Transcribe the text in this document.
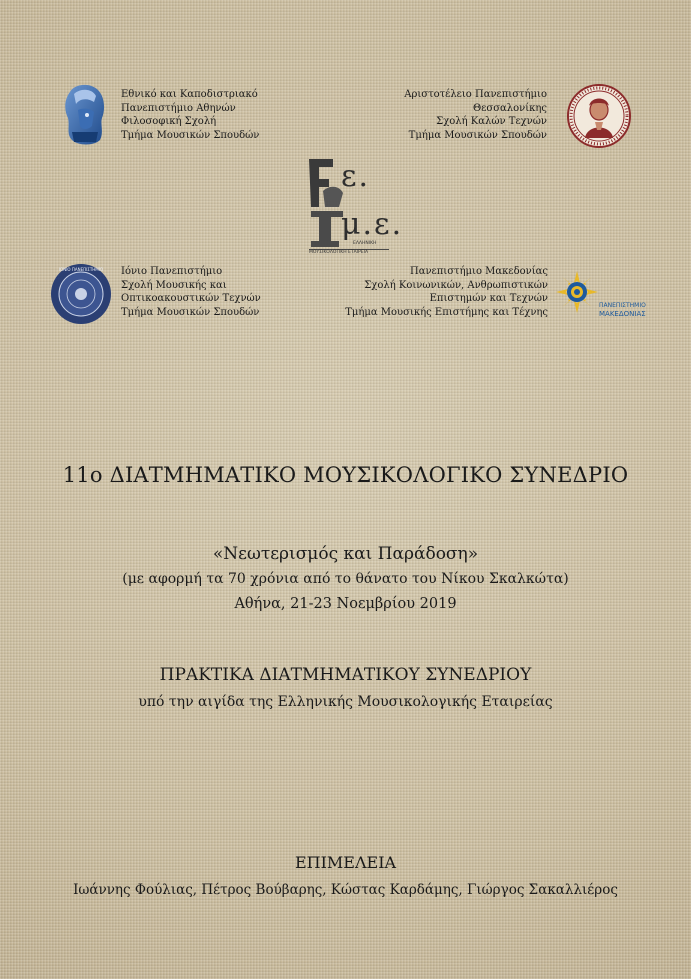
Εθνικό και Καποδιστριακό
Πανεπιστήμιο Αθηνών
Φιλοσοφική Σχολή
Τμήμα Μουσικών Σπουδών
Αριστοτέλειο Πανεπιστήμιο
Θεσσαλονίκης
Σχολή Καλών Τεχνών
Τμήμα Μουσικών Σπουδών
ε.
μ.ε.
ΕΛΛΗΝΙΚΗ
ΜΟΥΣΙΚΟΛΟΓΙΚΗ ΕΤΑΙΡΕΙΑ
ΙΟΝΙΟ ΠΑΝΕΠΙΣΤΗΜΙΟ Ιόνιο Πανεπιστήμιο
Σχολή Μουσικής και
Οπτικοακουστικών Τεχνών
Τμήμα Μουσικών Σπουδών
Πανεπιστήμιο Μακεδονίας
Σχολή Κοινωνικών, Ανθρωπιστικών
Επιστημών και Τεχνών
Τμήμα Μουσικής Επιστήμης και Τέχνης
ΠΑΝΕΠΙΣΤΗΜΙΟ
ΜΑΚΕΔΟΝΙΑΣ
11ο ΔΙΑΤΜΗΜΑΤΙΚΟ ΜΟΥΣΙΚΟΛΟΓΙΚΟ ΣΥΝΕΔΡΙΟ
«Νεωτερισμός και Παράδοση»
(με αφορμή τα 70 χρόνια από το θάνατο του Νίκου Σκαλκώτα)
Αθήνα, 21-23 Νοεμβρίου 2019
ΠΡΑΚΤΙΚΑ ΔΙΑΤΜΗΜΑΤΙΚΟΥ ΣΥΝΕΔΡΙΟΥ
υπό την αιγίδα της Ελληνικής Μουσικολογικής Εταιρείας
ΕΠΙΜΕΛΕΙΑ
Ιωάννης Φούλιας, Πέτρος Βούβαρης, Κώστας Καρδάμης, Γιώργος Σακαλλιέρος
